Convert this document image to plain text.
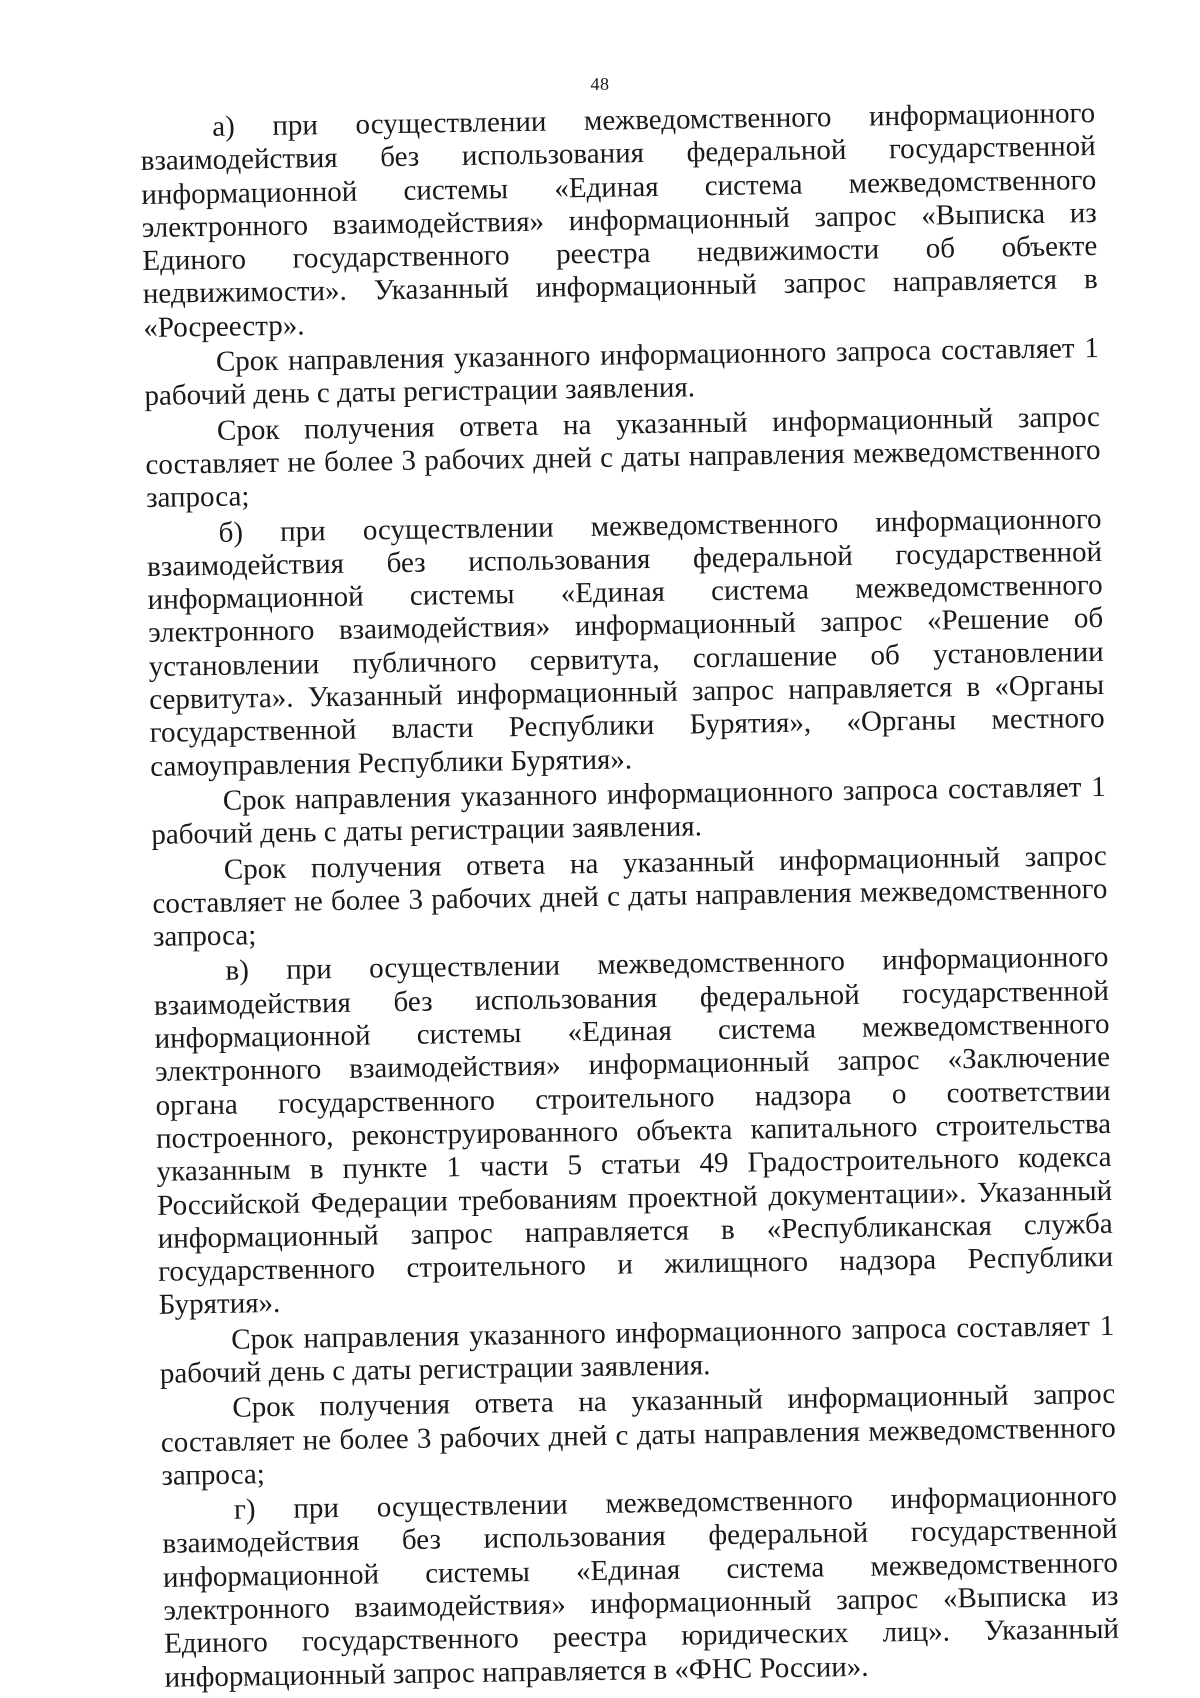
48

а) при осуществлении межведомственного информационного взаимодействия без использования федеральной государственной информационной системы «Единая система межведомственного электронного взаимодействия» информационный запрос «Выписка из Единого государственного реестра недвижимости об объекте недвижимости». Указанный информационный запрос направляется в «Росреестр».

Срок направления указанного информационного запроса составляет 1 рабочий день с даты регистрации заявления.

Срок получения ответа на указанный информационный запрос составляет не более 3 рабочих дней с даты направления межведомственного запроса;

б) при осуществлении межведомственного информационного взаимодействия без использования федеральной государственной информационной системы «Единая система межведомственного электронного взаимодействия» информационный запрос «Решение об установлении публичного сервитута, соглашение об установлении сервитута». Указанный информационный запрос направляется в «Органы государственной власти Республики Бурятия», «Органы местного самоуправления Республики Бурятия».

Срок направления указанного информационного запроса составляет 1 рабочий день с даты регистрации заявления.

Срок получения ответа на указанный информационный запрос составляет не более 3 рабочих дней с даты направления межведомственного запроса;

в) при осуществлении межведомственного информационного взаимодействия без использования федеральной государственной информационной системы «Единая система межведомственного электронного взаимодействия» информационный запрос «Заключение органа государственного строительного надзора о соответствии построенного, реконструированного объекта капитального строительства указанным в пункте 1 части 5 статьи 49 Градостроительного кодекса Российской Федерации требованиям проектной документации». Указанный информационный запрос направляется в «Республиканская служба государственного строительного и жилищного надзора Республики Бурятия».

Срок направления указанного информационного запроса составляет 1 рабочий день с даты регистрации заявления.

Срок получения ответа на указанный информационный запрос составляет не более 3 рабочих дней с даты направления межведомственного запроса;

г) при осуществлении межведомственного информационного взаимодействия без использования федеральной государственной информационной системы «Единая система межведомственного электронного взаимодействия» информационный запрос «Выписка из Единого государственного реестра юридических лиц». Указанный информационный запрос направляется в «ФНС России».
